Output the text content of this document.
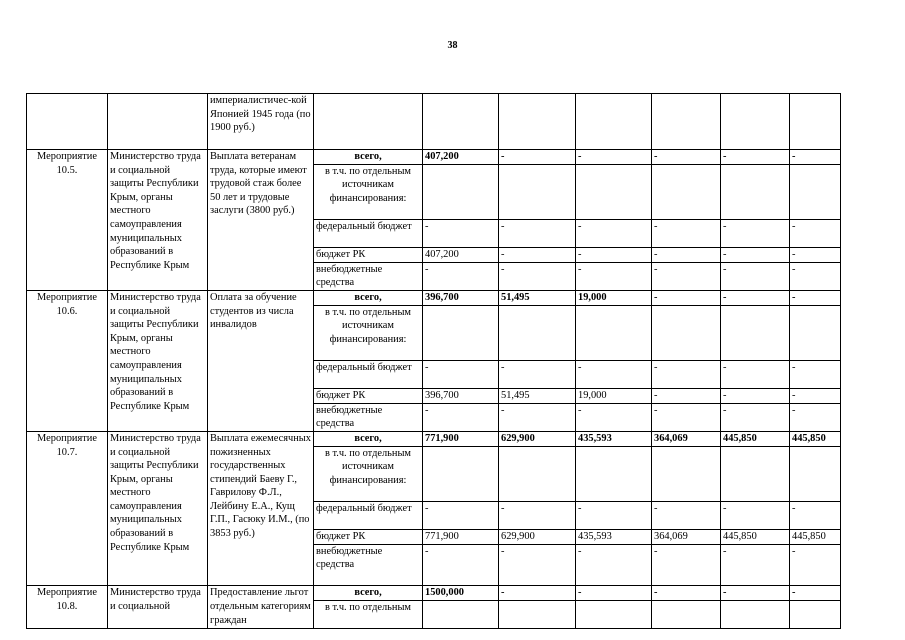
38
		империалистичес-кой Японией 1945 года (по 1900 руб.)							
Мероприятие 10.5.	Министерство труда и социальной защиты Республики Крым, органы местного самоуправления муниципальных образований в Республике Крым	Выплата ветеранам труда, которые имеют трудовой стаж более 50 лет и трудовые заслуги (3800 руб.)	всего,	407,200	-	-	-	-	-
			в т.ч. по отдельным источникам финансирования:						
			федеральный бюджет	-	-	-	-	-	-
			бюджет РК	407,200	-	-	-	-	-
			внебюджетные средства	-	-	-	-	-	-
Мероприятие 10.6.	Министерство труда и социальной защиты Республики Крым, органы местного самоуправления муниципальных образований в Республике Крым	Оплата за обучение студентов из числа инвалидов	всего,	396,700	51,495	19,000	-	-	-
			в т.ч. по отдельным источникам финансирования:						
			федеральный бюджет	-	-	-	-	-	-
			бюджет РК	396,700	51,495	19,000	-	-	-
			внебюджетные средства	-	-	-	-	-	-
Мероприятие 10.7.	Министерство труда и социальной защиты Республики Крым, органы местного самоуправления муниципальных образований в Республике Крым	Выплата ежемесячных пожизненных государственных стипендий Баеву Г., Гаврилову Ф.Л., Лейбину Е.А., Кущ Г.П., Гасюку И.М., (по 3853 руб.)	всего,	771,900	629,900	435,593	364,069	445,850	445,850
			в т.ч. по отдельным источникам финансирования:						
			федеральный бюджет	-	-	-	-	-	-
			бюджет РК	771,900	629,900	435,593	364,069	445,850	445,850
			внебюджетные средства	-	-	-	-	-	-
Мероприятие 10.8.	Министерство труда и социальной	Предоставление льгот отдельным категориям граждан	всего,	1500,000	-	-	-	-	-
			в т.ч. по отдельным						
